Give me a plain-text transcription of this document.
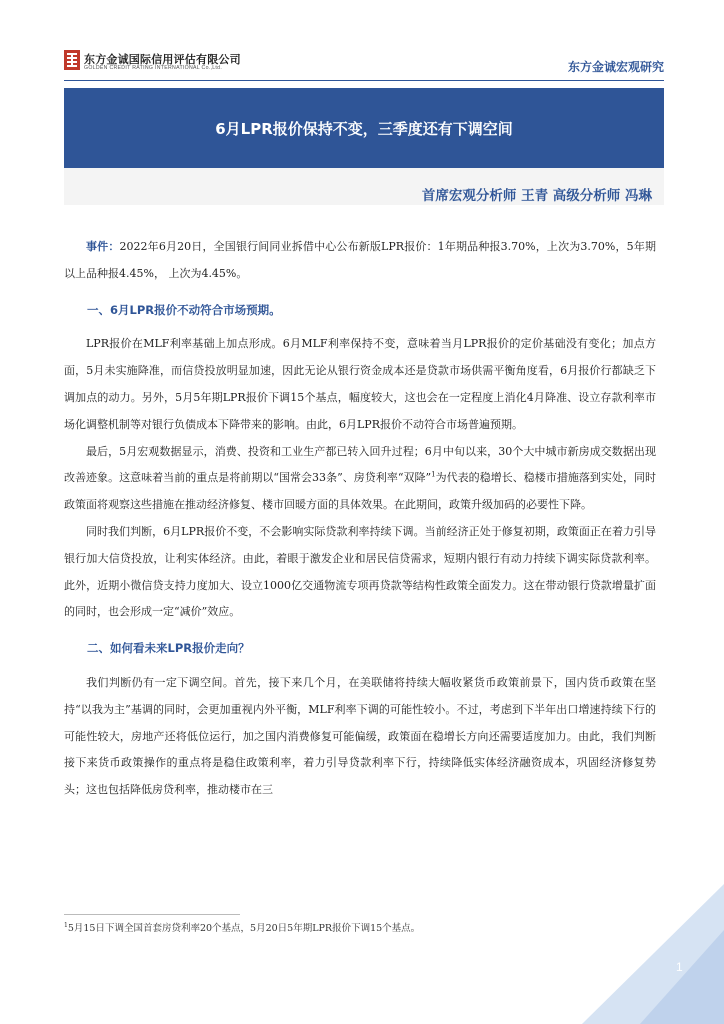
东方金诚国际信用评估有限公司
GOLDEN CREDIT RATING INTERNATIONAL Co.,Ltd.	东方金诚宏观研究
6月LPR报价保持不变，三季度还有下调空间
首席宏观分析师 王青 高级分析师 冯琳

事件：2022年6月20日，全国银行间同业拆借中心公布新版LPR报价：1年期品种报3.70%，上次为3.70%，5年期以上品种报4.45%， 上次为4.45%。

一、6月LPR报价不动符合市场预期。

LPR报价在MLF利率基础上加点形成。6月MLF利率保持不变，意味着当月LPR报价的定价基础没有变化；加点方面，5月未实施降准，而信贷投放明显加速，因此无论从银行资金成本还是贷款市场供需平衡角度看，6月报价行都缺乏下调加点的动力。另外，5月5年期LPR报价下调15个基点，幅度较大，这也会在一定程度上消化4月降准、设立存款利率市场化调整机制等对银行负债成本下降带来的影响。由此，6月LPR报价不动符合市场普遍预期。

最后，5月宏观数据显示，消费、投资和工业生产都已转入回升过程；6月中旬以来，30个大中城市新房成交数据出现改善迹象。这意味着当前的重点是将前期以“国常会33条”、房贷利率“双降”$^1$为代表的稳增长、稳楼市措施落到实处，同时政策面将观察这些措施在推动经济修复、楼市回暖方面的具体效果。在此期间，政策升级加码的必要性下降。

同时我们判断，6月LPR报价不变，不会影响实际贷款利率持续下调。当前经济正处于修复初期，政策面正在着力引导银行加大信贷投放，让利实体经济。由此，着眼于激发企业和居民信贷需求，短期内银行有动力持续下调实际贷款利率。此外，近期小微信贷支持力度加大、设立1000亿交通物流专项再贷款等结构性政策全面发力。这在带动银行贷款增量扩面的同时，也会形成一定“减价”效应。

二、如何看未来LPR报价走向？

我们判断仍有一定下调空间。首先，接下来几个月，在美联储将持续大幅收紧货币政策前景下，国内货币政策在坚持“以我为主”基调的同时，会更加重视内外平衡，MLF利率下调的可能性较小。不过，考虑到下半年出口增速持续下行的可能性较大，房地产还将低位运行，加之国内消费修复可能偏缓，政策面在稳增长方向还需要适度加力。由此，我们判断接下来货币政策操作的重点将是稳住政策利率，着力引导贷款利率下行，持续降低实体经济融资成本，巩固经济修复势头；这也包括降低房贷利率，推动楼市在三

$^1$5月15日下调全国首套房贷利率20个基点，5月20日5年期LPR报价下调15个基点。
1
